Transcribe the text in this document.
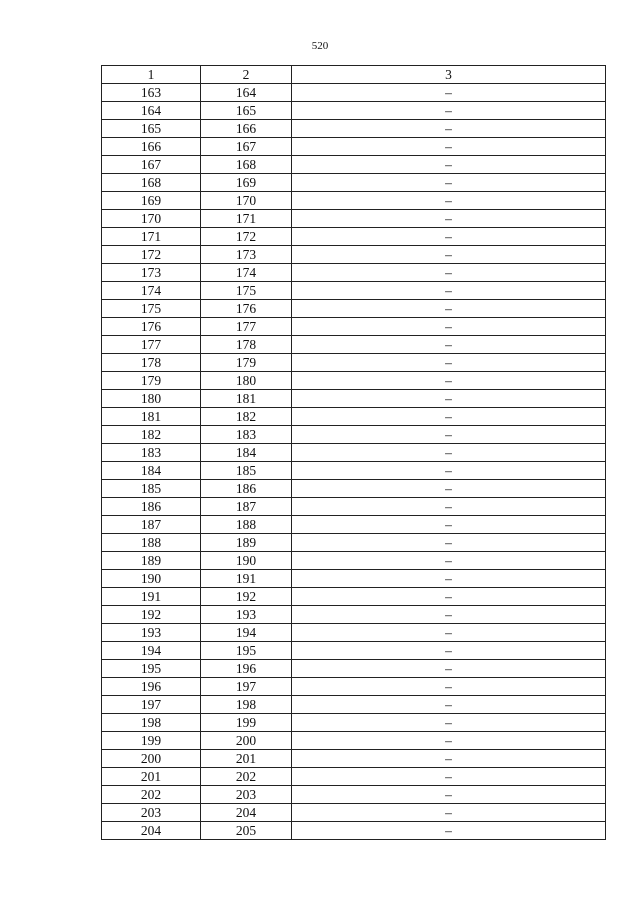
520
1	2	3
163	164	–
164	165	–
165	166	–
166	167	–
167	168	–
168	169	–
169	170	–
170	171	–
171	172	–
172	173	–
173	174	–
174	175	–
175	176	–
176	177	–
177	178	–
178	179	–
179	180	–
180	181	–
181	182	–
182	183	–
183	184	–
184	185	–
185	186	–
186	187	–
187	188	–
188	189	–
189	190	–
190	191	–
191	192	–
192	193	–
193	194	–
194	195	–
195	196	–
196	197	–
197	198	–
198	199	–
199	200	–
200	201	–
201	202	–
202	203	–
203	204	–
204	205	–
